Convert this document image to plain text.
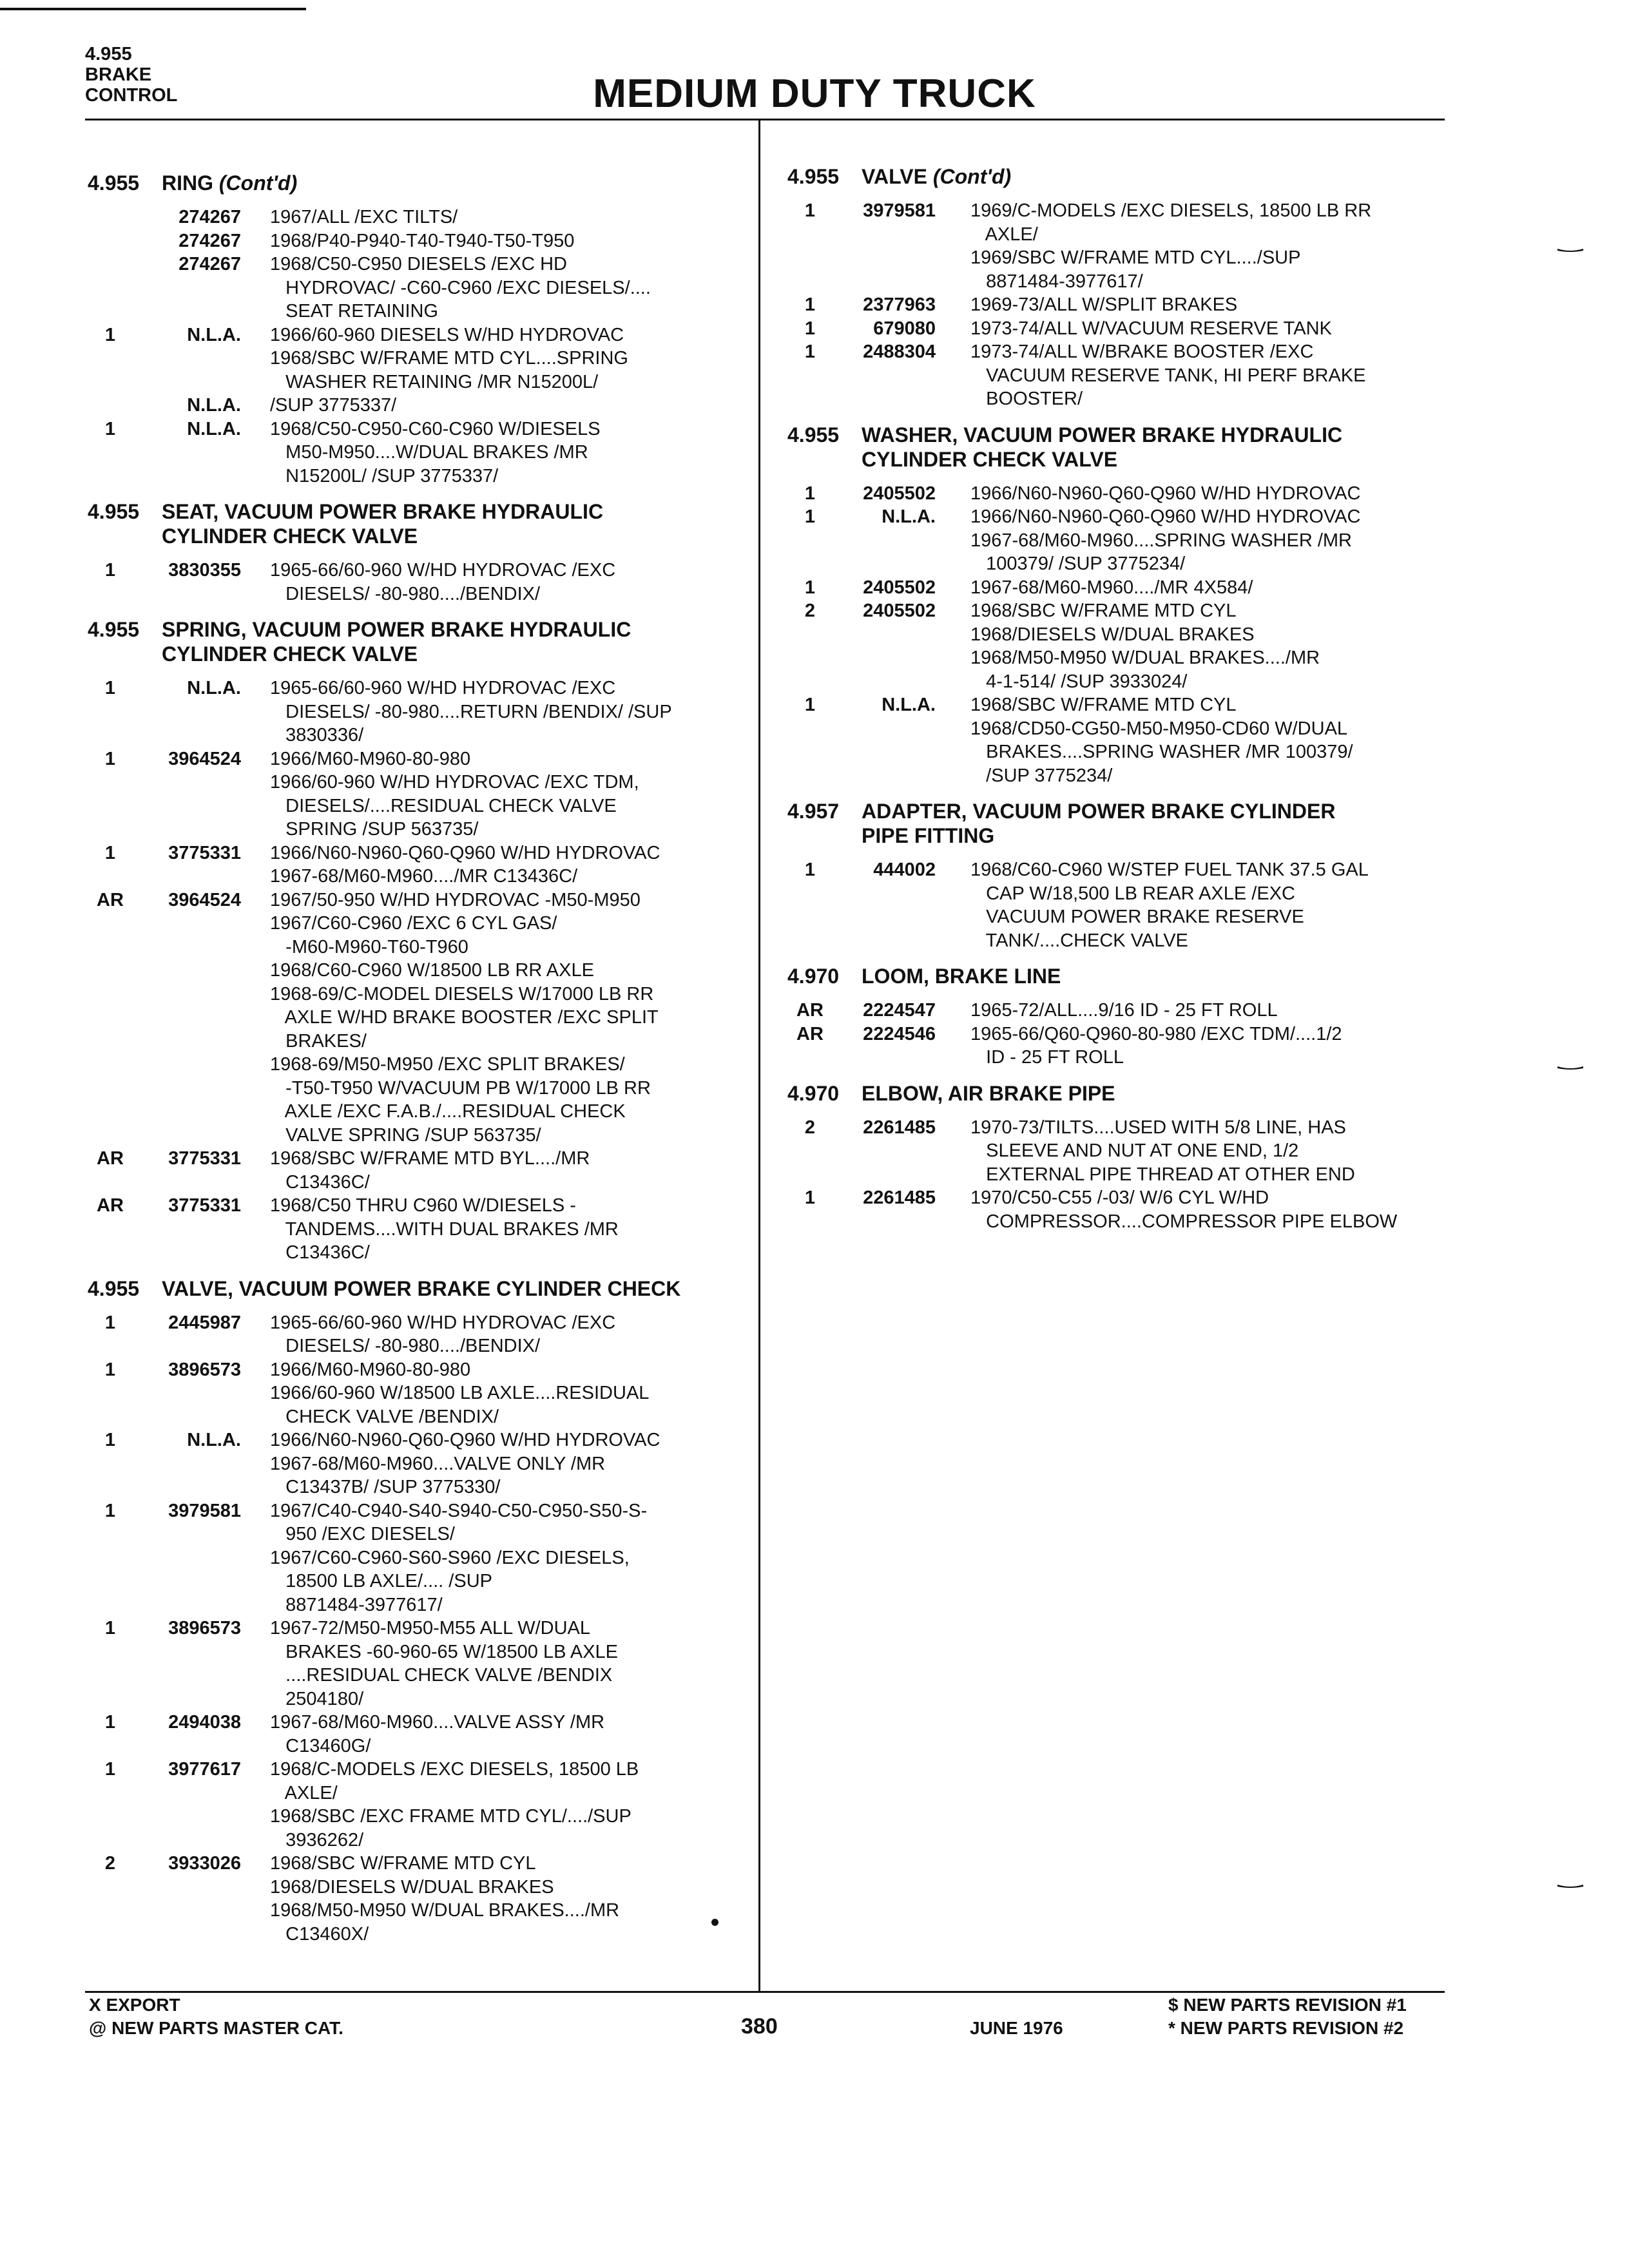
4.955
BRAKE
CONTROL	MEDIUM DUTY TRUCK
4.955 RING (Cont'd)
274267 1967/ALL /EXC TILTS/
274267 1968/P40-P940-T40-T940-T50-T950
274267 1968/C50-C950 DIESELS /EXC HD
HYDROVAC/ -C60-C960 /EXC DIESELS/....
SEAT RETAINING
1	N.L.A. 1966/60-960 DIESELS W/HD HYDROVAC
1968/SBC W/FRAME MTD CYL....SPRING
WASHER RETAINING /MR N15200L/
N.L.A. /SUP 3775337/
1	N.L.A. 1968/C50-C950-C60-C960 W/DIESELS
M50-M950....W/DUAL BRAKES /MR
N15200L/ /SUP 3775337/
4.955 SEAT, VACUUM POWER BRAKE HYDRAULIC
CYLINDER CHECK VALVE
1	3830355 1965-66/60-960 W/HD HYDROVAC /EXC
DIESELS/ -80-980..../BENDIX/
4.955 SPRING, VACUUM POWER BRAKE HYDRAULIC
CYLINDER CHECK VALVE
1	N.L.A. 1965-66/60-960 W/HD HYDROVAC /EXC
DIESELS/ -80-980....RETURN /BENDIX/ /SUP
3830336/
1	3964524 1966/M60-M960-80-980
1966/60-960 W/HD HYDROVAC /EXC TDM,
DIESELS/....RESIDUAL CHECK VALVE
SPRING /SUP 563735/
1	3775331 1966/N60-N960-Q60-Q960 W/HD HYDROVAC
1967-68/M60-M960..../MR C13436C/
AR	3964524 1967/50-950 W/HD HYDROVAC -M50-M950
1967/C60-C960 /EXC 6 CYL GAS/
-M60-M960-T60-T960
1968/C60-C960 W/18500 LB RR AXLE
1968-69/C-MODEL DIESELS W/17000 LB RR
AXLE W/HD BRAKE BOOSTER /EXC SPLIT
BRAKES/
1968-69/M50-M950 /EXC SPLIT BRAKES/
-T50-T950 W/VACUUM PB W/17000 LB RR
AXLE /EXC F.A.B./....RESIDUAL CHECK
VALVE SPRING /SUP 563735/
AR	3775331 1968/SBC W/FRAME MTD BYL..../MR
C13436C/
AR	3775331 1968/C50 THRU C960 W/DIESELS -
TANDEMS....WITH DUAL BRAKES /MR
C13436C/
4.955 VALVE, VACUUM POWER BRAKE CYLINDER CHECK
1	2445987 1965-66/60-960 W/HD HYDROVAC /EXC
DIESELS/ -80-980..../BENDIX/
1	3896573 1966/M60-M960-80-980
1966/60-960 W/18500 LB AXLE....RESIDUAL
CHECK VALVE /BENDIX/
1	N.L.A. 1966/N60-N960-Q60-Q960 W/HD HYDROVAC
1967-68/M60-M960....VALVE ONLY /MR
C13437B/ /SUP 3775330/
1	3979581 1967/C40-C940-S40-S940-C50-C950-S50-S-
950 /EXC DIESELS/
1967/C60-C960-S60-S960 /EXC DIESELS,
18500 LB AXLE/.... /SUP
8871484-3977617/
1	3896573 1967-72/M50-M950-M55 ALL W/DUAL
BRAKES -60-960-65 W/18500 LB AXLE
....RESIDUAL CHECK VALVE /BENDIX
2504180/
1	2494038 1967-68/M60-M960....VALVE ASSY /MR
C13460G/
1	3977617 1968/C-MODELS /EXC DIESELS, 18500 LB
AXLE/
1968/SBC /EXC FRAME MTD CYL/..../SUP
3936262/
2	3933026 1968/SBC W/FRAME MTD CYL
1968/DIESELS W/DUAL BRAKES
1968/M50-M950 W/DUAL BRAKES..../MR
C13460X/
4.955 VALVE (Cont'd)
1	3979581 1969/C-MODELS /EXC DIESELS, 18500 LB RR
AXLE/
1969/SBC W/FRAME MTD CYL..../SUP
8871484-3977617/
1	2377963 1969-73/ALL W/SPLIT BRAKES
1	679080 1973-74/ALL W/VACUUM RESERVE TANK
1	2488304 1973-74/ALL W/BRAKE BOOSTER /EXC
VACUUM RESERVE TANK, HI PERF BRAKE
BOOSTER/
4.955 WASHER, VACUUM POWER BRAKE HYDRAULIC
CYLINDER CHECK VALVE
1	2405502 1966/N60-N960-Q60-Q960 W/HD HYDROVAC
1	N.L.A. 1966/N60-N960-Q60-Q960 W/HD HYDROVAC
1967-68/M60-M960....SPRING WASHER /MR
100379/ /SUP 3775234/
1	2405502 1967-68/M60-M960..../MR 4X584/
2	2405502 1968/SBC W/FRAME MTD CYL
1968/DIESELS W/DUAL BRAKES
1968/M50-M950 W/DUAL BRAKES..../MR
4-1-514/ /SUP 3933024/
1	N.L.A. 1968/SBC W/FRAME MTD CYL
1968/CD50-CG50-M50-M950-CD60 W/DUAL
BRAKES....SPRING WASHER /MR 100379/
/SUP 3775234/
4.957 ADAPTER, VACUUM POWER BRAKE CYLINDER
PIPE FITTING
1	444002 1968/C60-C960 W/STEP FUEL TANK 37.5 GAL
CAP W/18,500 LB REAR AXLE /EXC
VACUUM POWER BRAKE RESERVE
TANK/....CHECK VALVE
4.970 LOOM, BRAKE LINE
AR	2224547 1965-72/ALL....9/16 ID - 25 FT ROLL
AR	2224546 1965-66/Q60-Q960-80-980 /EXC TDM/....1/2
ID - 25 FT ROLL
4.970 ELBOW, AIR BRAKE PIPE
2	2261485 1970-73/TILTS....USED WITH 5/8 LINE, HAS
SLEEVE AND NUT AT ONE END, 1/2
EXTERNAL PIPE THREAD AT OTHER END
1	2261485 1970/C50-C55 /-03/ W/6 CYL W/HD
COMPRESSOR....COMPRESSOR PIPE ELBOW
X EXPORT
@ NEW PARTS MASTER CAT.	380	JUNE 1976
$ NEW PARTS REVISION #1
* NEW PARTS REVISION #2
